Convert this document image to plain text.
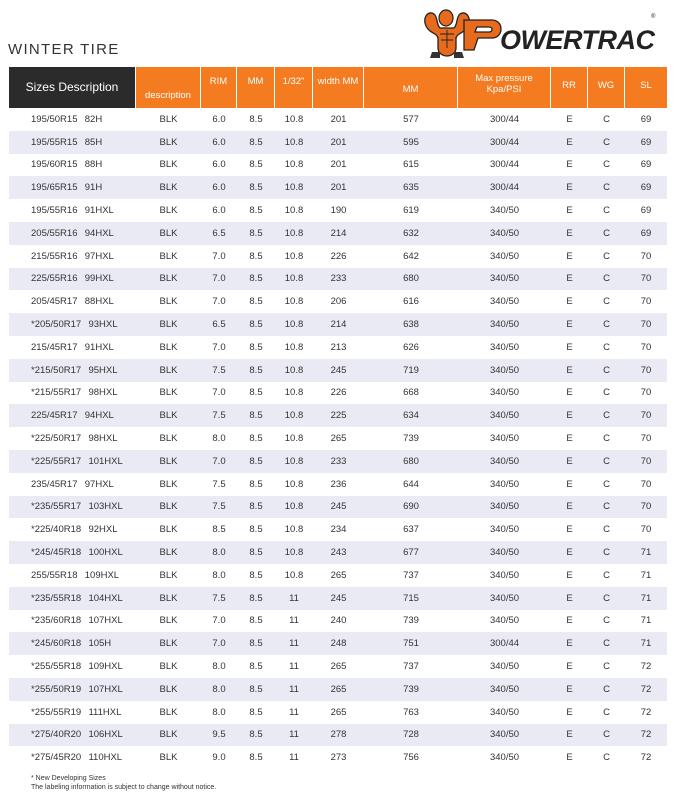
WINTER TIRE	OWERTRAC
®
Sizes Description	description	RIM	MM	1/32"	width MM	MM	Max pressure Kpa/PSI	RR	WG	SL
195/50R15  82H	BLK	6.0	8.5	10.8	201	577	300/44	E	C	69
195/55R15  85H	BLK	6.0	8.5	10.8	201	595	300/44	E	C	69
195/60R15  88H	BLK	6.0	8.5	10.8	201	615	300/44	E	C	69
195/65R15  91H	BLK	6.0	8.5	10.8	201	635	300/44	E	C	69
195/55R16  91HXL	BLK	6.0	8.5	10.8	190	619	340/50	E	C	69
205/55R16  94HXL	BLK	6.5	8.5	10.8	214	632	340/50	E	C	69
215/55R16  97HXL	BLK	7.0	8.5	10.8	226	642	340/50	E	C	70
225/55R16  99HXL	BLK	7.0	8.5	10.8	233	680	340/50	E	C	70
205/45R17  88HXL	BLK	7.0	8.5	10.8	206	616	340/50	E	C	70
*205/50R17  93HXL	BLK	6.5	8.5	10.8	214	638	340/50	E	C	70
215/45R17  91HXL	BLK	7.0	8.5	10.8	213	626	340/50	E	C	70
*215/50R17  95HXL	BLK	7.5	8.5	10.8	245	719	340/50	E	C	70
*215/55R17  98HXL	BLK	7.0	8.5	10.8	226	668	340/50	E	C	70
225/45R17  94HXL	BLK	7.5	8.5	10.8	225	634	340/50	E	C	70
*225/50R17  98HXL	BLK	8.0	8.5	10.8	265	739	340/50	E	C	70
*225/55R17  101HXL	BLK	7.0	8.5	10.8	233	680	340/50	E	C	70
235/45R17  97HXL	BLK	7.5	8.5	10.8	236	644	340/50	E	C	70
*235/55R17  103HXL	BLK	7.5	8.5	10.8	245	690	340/50	E	C	70
*225/40R18  92HXL	BLK	8.5	8.5	10.8	234	637	340/50	E	C	70
*245/45R18  100HXL	BLK	8.0	8.5	10.8	243	677	340/50	E	C	71
255/55R18  109HXL	BLK	8.0	8.5	10.8	265	737	340/50	E	C	71
*235/55R18  104HXL	BLK	7.5	8.5	11	245	715	340/50	E	C	71
*235/60R18  107HXL	BLK	7.0	8.5	11	240	739	340/50	E	C	71
*245/60R18  105H	BLK	7.0	8.5	11	248	751	300/44	E	C	71
*255/55R18  109HXL	BLK	8.0	8.5	11	265	737	340/50	E	C	72
*255/50R19  107HXL	BLK	8.0	8.5	11	265	739	340/50	E	C	72
*255/55R19  111HXL	BLK	8.0	8.5	11	265	763	340/50	E	C	72
*275/40R20  106HXL	BLK	9.5	8.5	11	278	728	340/50	E	C	72
*275/45R20  110HXL	BLK	9.0	8.5	11	273	756	340/50	E	C	72
* New Developing Sizes
The labeling information is subject to change without notice.
